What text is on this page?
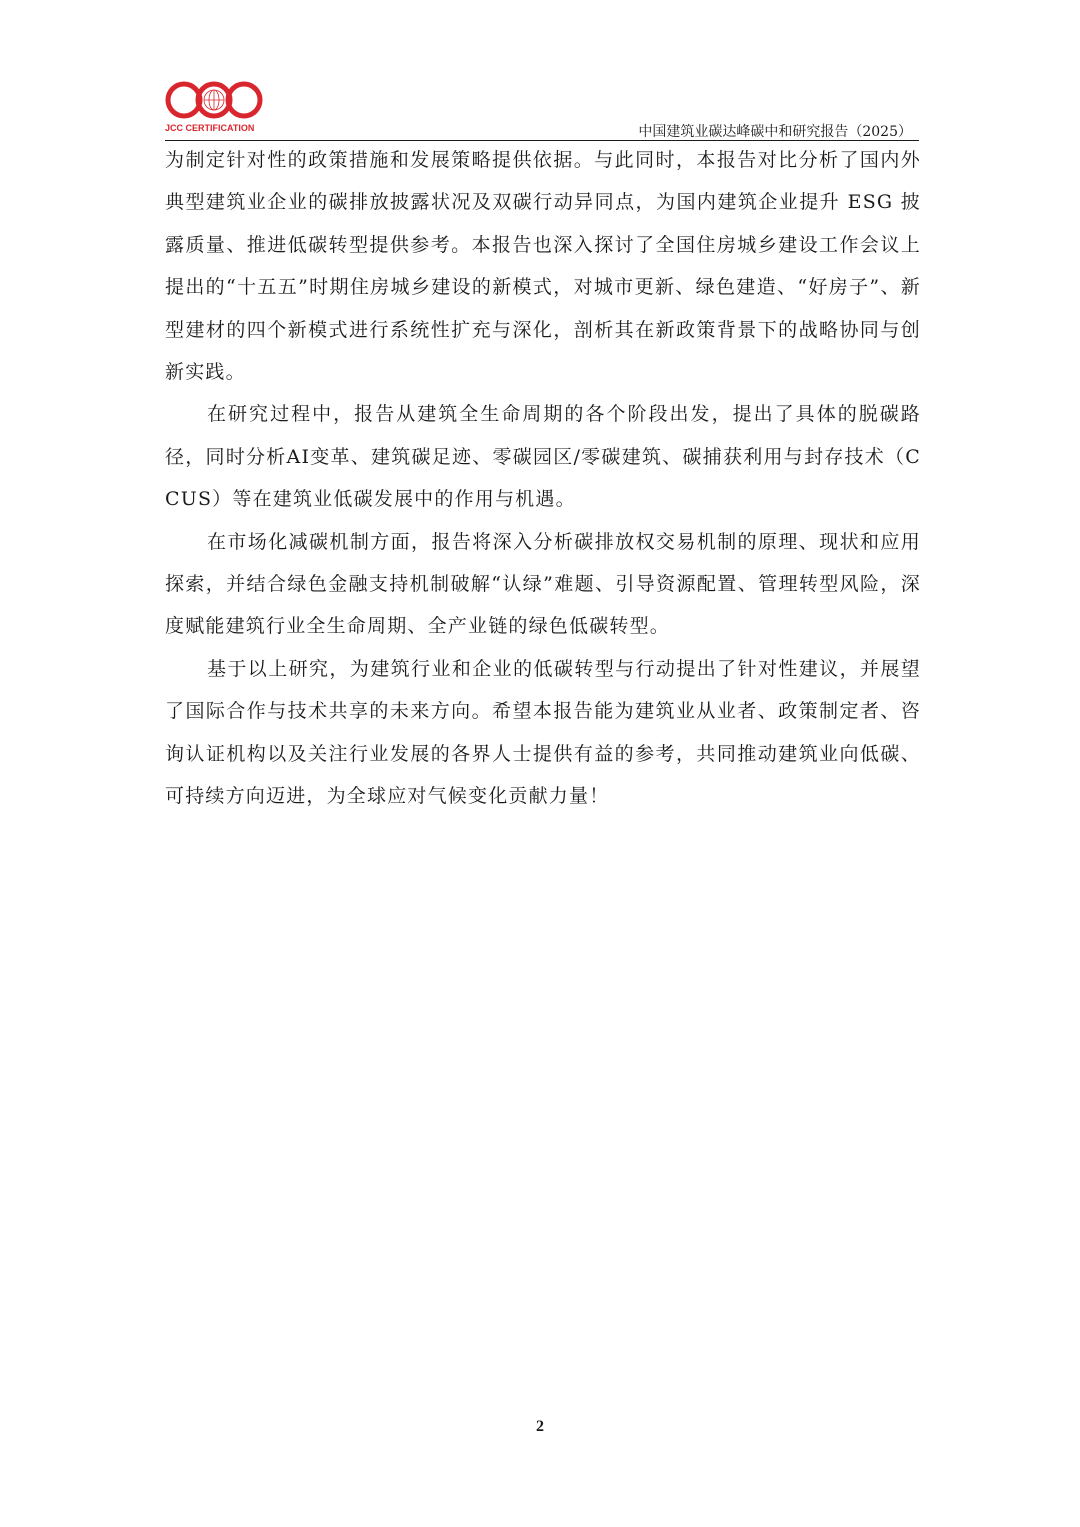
JCC CERTIFICATION	中国建筑业碳达峰碳中和研究报告（2025）

为制定针对性的政策措施和发展策略提供依据。与此同时，本报告对比分析了国内外典型建筑业企业的碳排放披露状况及双碳行动异同点，为国内建筑企业提升 ESG 披露质量、推进低碳转型提供参考。本报告也深入探讨了全国住房城乡建设工作会议上提出的“十五五”时期住房城乡建设的新模式，对城市更新、绿色建造、“好房子”、新型建材的四个新模式进行系统性扩充与深化，剖析其在新政策背景下的战略协同与创新实践。

在研究过程中，报告从建筑全生命周期的各个阶段出发，提出了具体的脱碳路径，同时分析AI变革、建筑碳足迹、零碳园区/零碳建筑、碳捕获利用与封存技术（CCUS）等在建筑业低碳发展中的作用与机遇。

在市场化减碳机制方面，报告将深入分析碳排放权交易机制的原理、现状和应用探索，并结合绿色金融支持机制破解“认绿”难题、引导资源配置、管理转型风险，深度赋能建筑行业全生命周期、全产业链的绿色低碳转型。

基于以上研究，为建筑行业和企业的低碳转型与行动提出了针对性建议，并展望了国际合作与技术共享的未来方向。希望本报告能为建筑业从业者、政策制定者、咨询认证机构以及关注行业发展的各界人士提供有益的参考，共同推动建筑业向低碳、可持续方向迈进，为全球应对气候变化贡献力量！

2
